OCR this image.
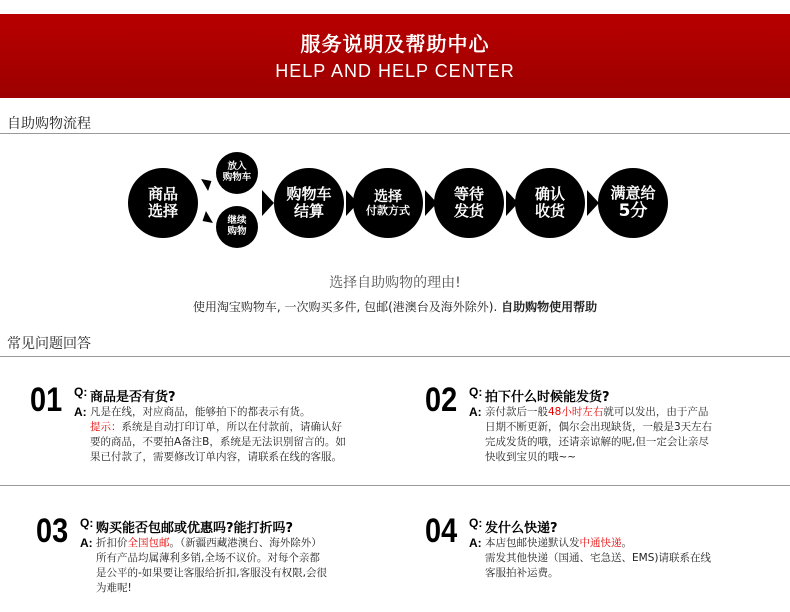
服务说明及帮助中心
HELP AND HELP CENTER
自助购物流程
商品
选择
放入
购物车
继续
购物
购物车
结算
选择
付款方式
等待
发货
确认
收货
满意给
5分
选择自助购物的理由!
使用淘宝购物车, 一次购买多件, 包邮(港澳台及海外除外). 自助购物使用帮助
常见问题回答
01 Q:
A:
商品是否有货?
凡是在线，对应商品，能够拍下的都表示有货。
提示：系统是自动打印订单，所以在付款前，请确认好
要的商品，不要拍A备注B，系统是无法识别留言的。如
果已付款了，需要修改订单内容，请联系在线的客服。
02 Q:
A:
拍下什么时候能发货?
亲付款后一般48小时左右就可以发出，由于产品
日期不断更新，偶尔会出现缺货，一般是3天左右
完成发货的哦，还请亲谅解的呢,但一定会让亲尽
快收到宝贝的哦~~
03 Q:
A:
购买能否包邮或优惠吗?能打折吗?
折扣价全国包邮。（新疆西藏港澳台、海外除外）
所有产品均属薄利多销,全场不议价。对每个亲都
是公平的-如果要让客服给折扣,客服没有权限,会很
为难呢!
04 Q:
A:
发什么快递?
本店包邮快递默认发中通快递。
需发其他快递（国通、宅急送、EMS)请联系在线
客服拍补运费。
